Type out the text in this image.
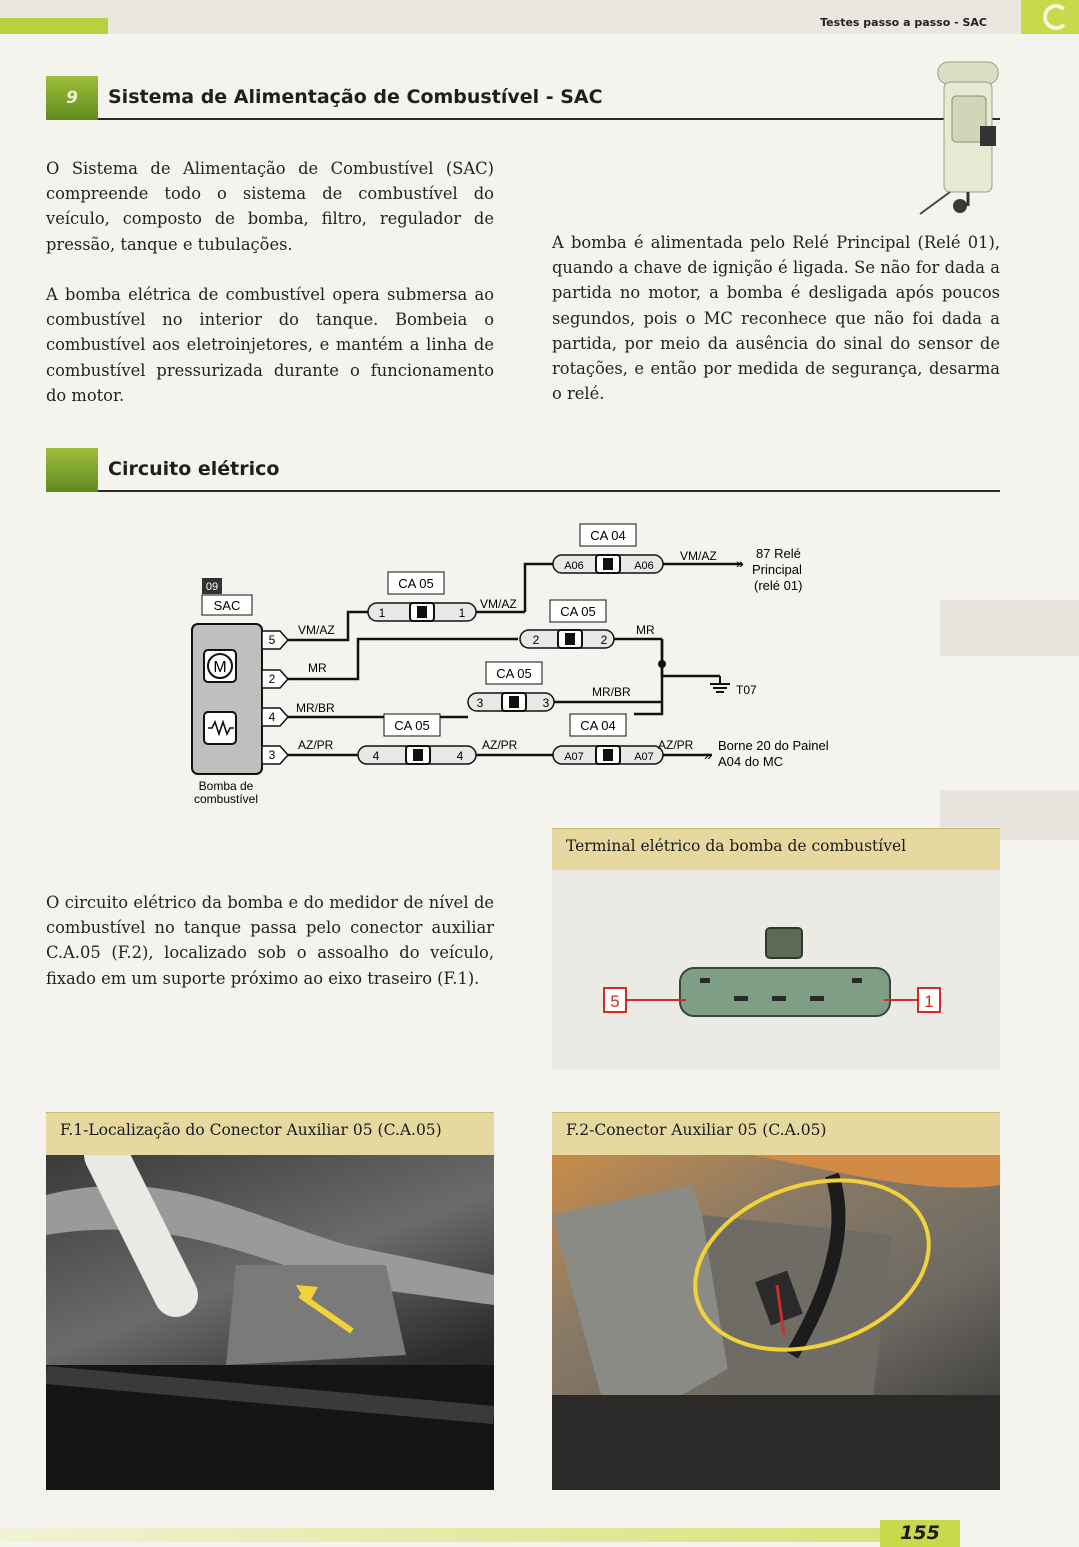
Testes passo a passo - SAC
9	Sistema de Alimentação de Combustível - SAC
O Sistema de Alimentação de Combustível (SAC) compreende todo o sistema de combustível do veículo, composto de bomba, filtro, regulador de pressão, tanque e tubulações.
A bomba elétrica de combustível opera submersa ao combustível no interior do tanque. Bombeia o combustível aos eletroinjetores, e mantém a linha de combustível pressurizada durante o funcionamento do motor.
A bomba é alimentada pelo Relé Principal (Relé 01), quando a chave de ignição é ligada. Se não for dada a partida no motor, a bomba é desligada após poucos segundos, pois o MC reconhece que não foi dada a partida, por meio da ausência do sinal do sensor de rotações, e então por medida de segurança, desarma o relé.
Circuito elétrico
09
SAC
M
Bomba de
combustível
5
2
4
3
T07
CA 05
1	1
VM/AZ
VM/AZ
CA 04
A06	A06
VM/AZ »
87 Relé
Principal
(relé 01)
CA 05
2	2
MR
MR
CA 05
3	3
MR/BR
MR/BR
CA 05
4	4
AZ/PR	AZ/PR
CA 04
A07	A07
AZ/PR
»
Borne 20 do Painel
A04 do MC
O circuito elétrico da bomba e do medidor de nível de combustível no tanque passa pelo conector auxiliar C.A.05 (F.2), localizado sob o assoalho do veículo, fixado em um suporte próximo ao eixo traseiro (F.1).

Terminal elétrico da bomba de combustível

5	1

F.1-Localização do Conector Auxiliar 05 (C.A.05)	F.2-Conector Auxiliar 05 (C.A.05)

155
